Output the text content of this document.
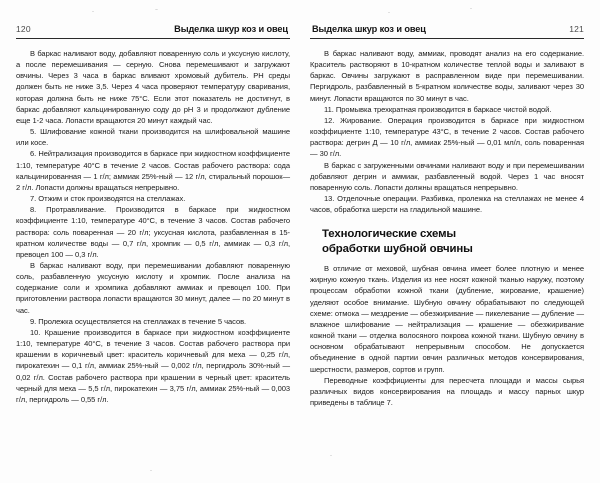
120	Выделка шкур коз и овец

В баркас наливают воду, добавляют поваренную соль и уксусную кислоту, а после перемешивания — серную. Снова перемешивают и загружают овчины. Через 3 часа в баркас вливают хромовый дубитель. РН среды должен быть не ниже 3,5. Через 4 часа проверяют температуру сваривания, которая должна быть не ниже 75°С. Если этот показатель не достигнут, в баркас добавляют кальцинированную соду до рН 3 и продолжают дубление еще 1-2 часа. Лопасти вращаются 20 минут каждый час.

5. Шлифование кожной ткани производится на шлифовальной машине или косе.

6. Нейтрализация производится в баркасе при жидкостном коэффициенте 1:10, температуре 40°С в течение 2 часов. Состав рабочего раствора: сода кальцинированная — 1 г/л; аммиак 25%-ный — 12 г/л, стиральный порошок— 2 г/л. Лопасти должны вращаться непрерывно.

7. Отжим и сток производятся на стеллажах.

8. Протравливание. Производится в баркасе при жидкостном коэффициенте 1:10, температуре 40°С, в течение 3 часов. Состав рабочего раствора: соль поваренная — 20 г/л; уксусная кислота, разбавленная в 15-кратном количестве воды — 0,7 г/л, хромпик — 0,5 г/л, аммиак — 0,3 г/л, превоцел 100 — 0,3 г/л.

В баркас наливают воду, при перемешивании добавляют поваренную соль, разбавленную уксусную кислоту и хромпик. После анализа на содержание соли и хромпика добавляют аммиак и превоцел 100. При приготовлении раствора лопасти вращаются 30 минут, далее — по 20 минут в час.

9. Пролежка осуществляется на стеллажах в течение 5 часов.

10. Крашение производится в баркасе при жидкостном коэффициенте 1:10, температуре 40°С, в течение 3 часов. Состав рабочего раствора при крашении в коричневый цвет: краситель коричневый для меха — 0,25 г/л, пирокатехин — 0,1 г/л, аммиак 25%-ный — 0,002 г/л, пергидроль 30%-ный — 0,02 г/л. Состав рабочего раствора при крашении в черный цвет: краситель черный для меха — 5,5 г/л, пирокатехин — 3,75 г/л, аммиак 25%-ный — 0,003 г/л, пергидроль — 0,55 г/л.

Выделка шкур коз и овец	121

В баркас наливают воду, аммиак, проводят анализ на его содержание. Краситель растворяют в 10-кратном количестве теплой воды и заливают в баркас. Овчины загружают в расправленном виде при перемешивании. Пергидроль, разбавленный в 5-кратном количестве воды, заливают через 30 минут. Лопасти вращаются по 30 минут в час.

11. Промывка трехкратная производится в баркасе чистой водой.

12. Жирование. Операция производится в баркасе при жидкостном коэффициенте 1:10, температуре 43°С, в течение 2 часов. Состав рабочего раствора: дегрин Д — 10 г/л, аммиак 25%-ный — 0,01 мл/л, соль поваренная — 30 г/л.

В баркас с загруженными овчинами наливают воду и при перемешивании добавляют дегрин и аммиак, разбавленный водой. Через 1 час вносят поваренную соль. Лопасти должны вращаться непрерывно.

13. Отделочные операции. Разбивка, пролежка на стеллажах не менее 4 часов, обработка шерсти на гладильной машине.

Технологические схемы
обработки шубной овчины

В отличие от меховой, шубная овчина имеет более плотную и менее жирную кожную ткань. Изделия из нее носят кожной тканью наружу, поэтому процессам обработки кожной ткани (дубление, жирование, крашение) уделяют особое внимание. Шубную овчину обрабатывают по следующей схеме: отмока — мездрение — обезжиривание — пикелевание — дубление — влажное шлифование — нейтрализация — крашение — обезжиривание кожной ткани — отделка волосяного покрова кожной ткани. Шубную овчину в основном обрабатывают непрерывным способом. Не допускается объединение в одной партии овчин различных методов консервирования, шерстности, размеров, сортов и групп.

Переводные коэффициенты для пересчета площади и массы сырья различных видов консервирования на площадь и массу парных шкур приведены в таблице 7.
